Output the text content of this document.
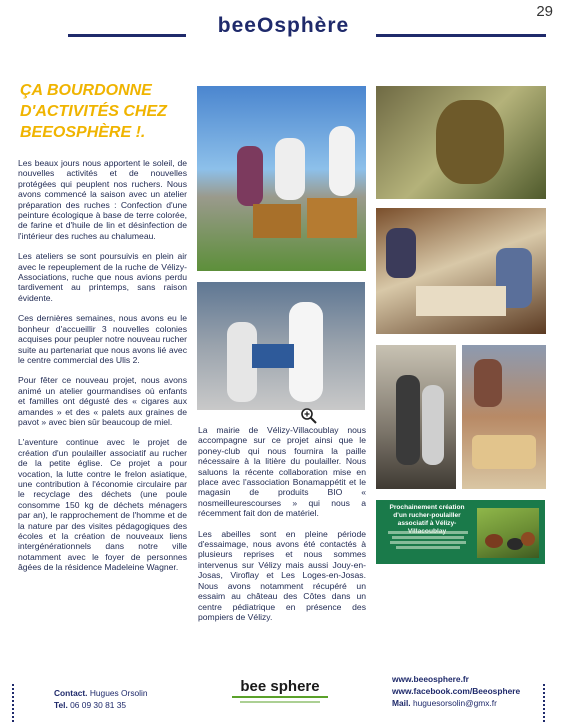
29
beeOsphère
ÇA BOURDONNE D'ACTIVITÉS CHEZ BEEOSPHÈRE !.

Les beaux jours nous apportent le soleil, de nouvelles activités et de nouvelles protégées qui peuplent nos ruchers. Nous avons commencé la saison avec un atelier préparation des ruches : Confection d'une peinture écologique à base de terre colorée, de farine et d'huile de lin et désinfection de l'intérieur des ruches au chalumeau.

Les ateliers se sont poursuivis en plein air avec le repeuplement de la ruche de Vélizy-Associations, ruche que nous avions perdu tardivement au printemps, sans raison évidente.

Ces dernières semaines, nous avons eu le bonheur d'accueillir 3 nouvelles colonies acquises pour peupler notre nouveau rucher suite au partenariat que nous avons lié avec le centre commercial des Ulis 2.

Pour fêter ce nouveau projet, nous avons animé un atelier gourmandises où enfants et familles ont dégusté des « cigares aux amandes » et des « palets aux graines de pavot » avec bien sûr beaucoup de miel.

L'aventure continue avec le projet de création d'un poulailler associatif au rucher de la petite église. Ce projet a pour vocation, la lutte contre le frelon asiatique, une contribution à l'économie circulaire par le recyclage des déchets (une poule consomme 150 kg de déchets ménagers par an), le rapprochement de l'homme et de la nature par des visites pédagogiques des écoles et la création de nouveaux liens intergénérationnels dans notre ville notamment avec le foyer de personnes âgées de la résidence Madeleine Wagner.

La mairie de Vélizy-Villacoublay nous accompagne sur ce projet ainsi que le poney-club qui nous fournira la paille nécessaire à la litière du poulailler. Nous saluons la récente collaboration mise en place avec l'association Bonamappétit et le magasin de produits BIO « nosmeilleurescourses » qui nous a récemment fait don de matériel.

Les abeilles sont en pleine période d'essaimage, nous avons été contactés à plusieurs reprises et nous sommes intervenus sur Vélizy mais aussi Jouy-en-Josas, Viroflay et Les Loges-en-Josas. Nous avons notamment récupéré un essaim au château des Côtes dans un centre pédiatrique en présence des pompiers de Vélizy.

Prochainement création d'un rucher-poulailler associatif à Vélizy-
Contact. Hugues Orsolin
Tel. 06 09 30 81 35
bee sphere	www.beeosphere.fr
www.facebook.com/Beeosphere
Mail. huguesorsolin@gmx.fr
